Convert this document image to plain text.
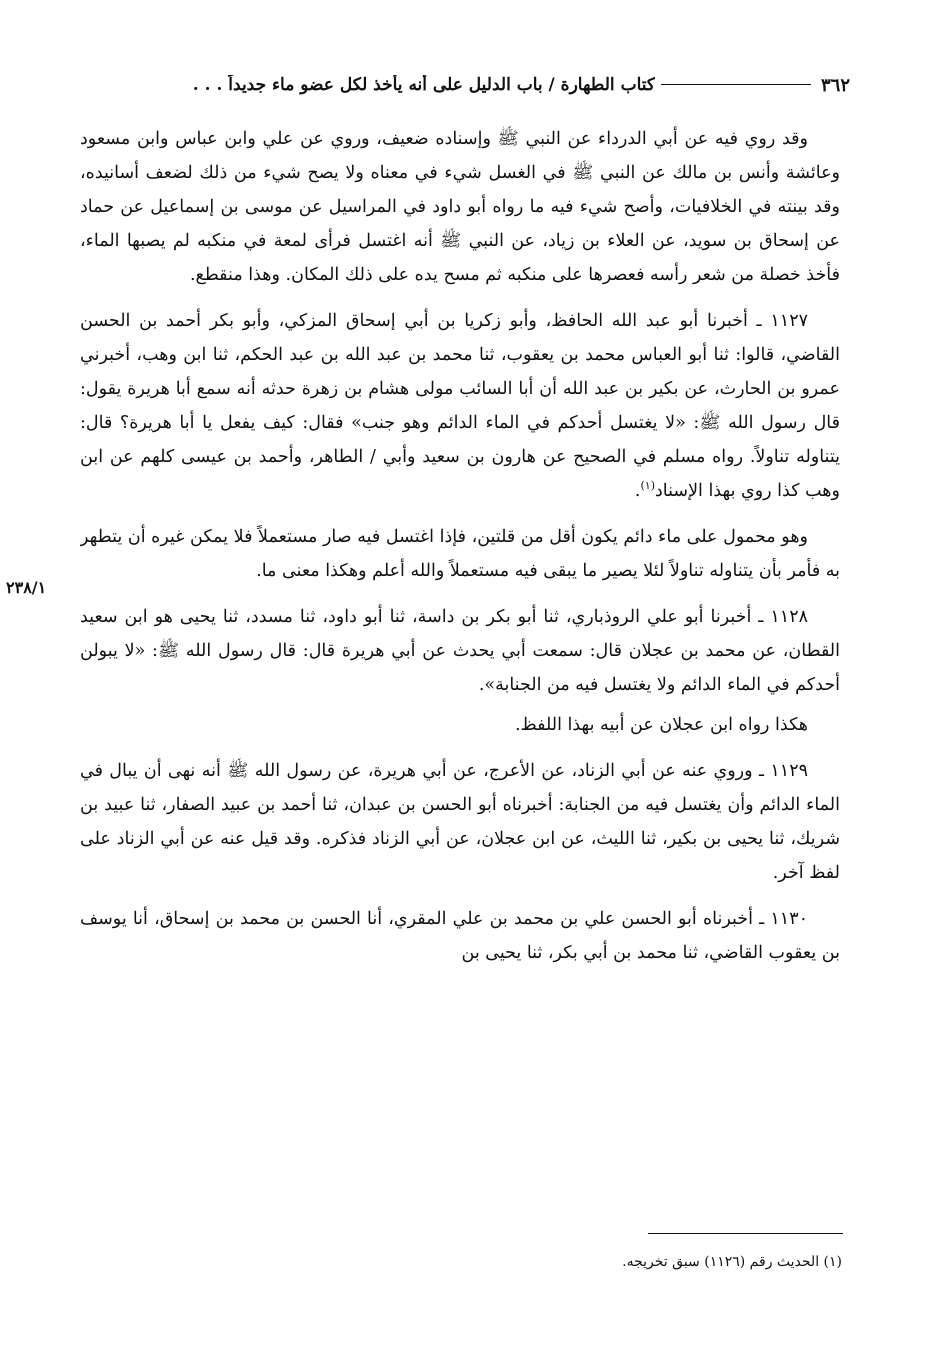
٣٦٢
كتاب الطهارة / باب الدليل على أنه يأخذ لكل عضو ماء جديداً . . .
٢٣٨/١

وقد روي فيه عن أبي الدرداء عن النبي ﷺ وإسناده ضعيف، وروي عن علي وابن عباس وابن مسعود وعائشة وأنس بن مالك عن النبي ﷺ في الغسل شيء في معناه ولا يصح شيء من ذلك لضعف أسانيده، وقد بينته في الخلافيات، وأصح شيء فيه ما رواه أبو داود في المراسيل عن موسى بن إسماعيل عن حماد عن إسحاق بن سويد، عن العلاء بن زياد، عن النبي ﷺ أنه اغتسل فرأى لمعة في منكبه لم يصبها الماء، فأخذ خصلة من شعر رأسه فعصرها على منكبه ثم مسح يده على ذلك المكان. وهذا منقطع.

١١٢٧ ـ أخبرنا أبو عبد الله الحافظ، وأبو زكريا بن أبي إسحاق المزكي، وأبو بكر أحمد بن الحسن القاضي، قالوا: ثنا أبو العباس محمد بن يعقوب، ثنا محمد بن عبد الله بن عبد الحكم، ثنا ابن وهب، أخبرني عمرو بن الحارث، عن بكير بن عبد الله أن أبا السائب مولى هشام بن زهرة حدثه أنه سمع أبا هريرة يقول: قال رسول الله ﷺ: «لا يغتسل أحدكم في الماء الدائم وهو جنب» فقال: كيف يفعل يا أبا هريرة؟ قال: يتناوله تناولاً. رواه مسلم في الصحيح عن هارون بن سعيد وأبي / الطاهر، وأحمد بن عيسى كلهم عن ابن وهب كذا روي بهذا الإسناد$^{(١)}$.

وهو محمول على ماء دائم يكون أقل من قلتين، فإذا اغتسل فيه صار مستعملاً فلا يمكن غيره أن يتطهر به فأمر بأن يتناوله تناولاً لئلا يصير ما يبقى فيه مستعملاً والله أعلم وهكذا معنى ما.

١١٢٨ ـ أخبرنا أبو علي الروذباري، ثنا أبو بكر بن داسة، ثنا أبو داود، ثنا مسدد، ثنا يحيى هو ابن سعيد القطان، عن محمد بن عجلان قال: سمعت أبي يحدث عن أبي هريرة قال: قال رسول الله ﷺ: «لا يبولن أحدكم في الماء الدائم ولا يغتسل فيه من الجنابة».

هكذا رواه ابن عجلان عن أبيه بهذا اللفظ.

١١٢٩ ـ وروي عنه عن أبي الزناد، عن الأعرج، عن أبي هريرة، عن رسول الله ﷺ أنه نهى أن يبال في الماء الدائم وأن يغتسل فيه من الجنابة: أخبرناه أبو الحسن بن عبدان، ثنا أحمد بن عبيد الصفار، ثنا عبيد بن شريك، ثنا يحيى بن بكير، ثنا الليث، عن ابن عجلان، عن أبي الزناد فذكره. وقد قيل عنه عن أبي الزناد على لفظ آخر.

١١٣٠ ـ أخبرناه أبو الحسن علي بن محمد بن علي المقري، أنا الحسن بن محمد بن إسحاق، أنا يوسف بن يعقوب القاضي، ثنا محمد بن أبي بكر، ثنا يحيى بن

(١) الحديث رقم (١١٢٦) سبق تخريجه.
